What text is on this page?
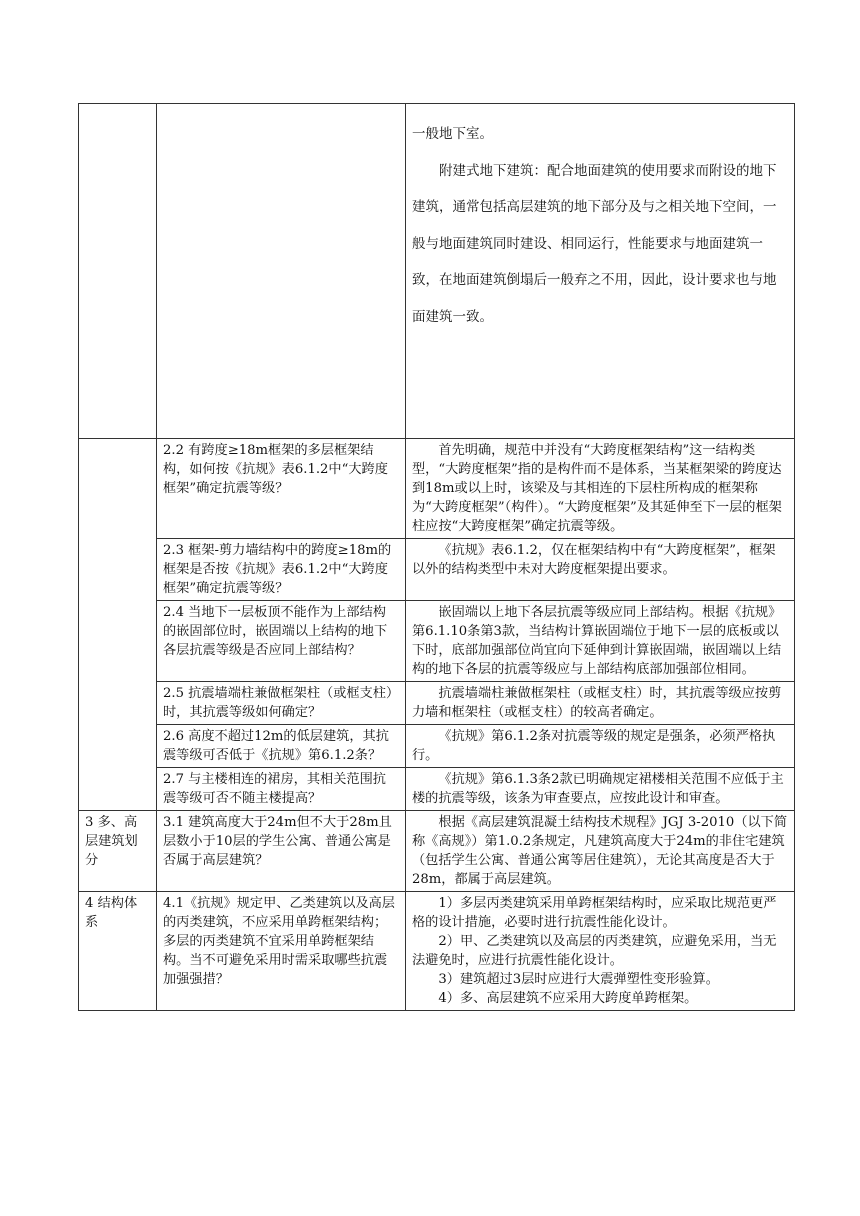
		一般地下室。

附建式地下建筑：配合地面建筑的使用要求而附设的地下建筑，通常包括高层建筑的地下部分及与之相关地下空间，一般与地面建筑同时建设、相同运行，性能要求与地面建筑一致，在地面建筑倒塌后一般弃之不用，因此，设计要求也与地面建筑一致。

	2.2 有跨度≥18m框架的多层框架结构，如何按《抗规》表6.1.2中“大跨度框架”确定抗震等级？	首先明确，规范中并没有“大跨度框架结构”这一结构类型，“大跨度框架”指的是构件而不是体系，当某框架梁的跨度达到18m或以上时，该梁及与其相连的下层柱所构成的框架称为“大跨度框架”（构件）。“大跨度框架”及其延伸至下一层的框架柱应按“大跨度框架”确定抗震等级。

	2.3 框架-剪力墙结构中的跨度≥18m的框架是否按《抗规》表6.1.2中“大跨度框架”确定抗震等级？	《抗规》表6.1.2，仅在框架结构中有“大跨度框架”，框架以外的结构类型中未对大跨度框架提出要求。

	2.4 当地下一层板顶不能作为上部结构的嵌固部位时，嵌固端以上结构的地下各层抗震等级是否应同上部结构？	嵌固端以上地下各层抗震等级应同上部结构。根据《抗规》第6.1.10条第3款，当结构计算嵌固端位于地下一层的底板或以下时，底部加强部位尚宜向下延伸到计算嵌固端，嵌固端以上结构的地下各层的抗震等级应与上部结构底部加强部位相同。

	2.5 抗震墙端柱兼做框架柱（或框支柱）时，其抗震等级如何确定？	抗震墙端柱兼做框架柱（或框支柱）时，其抗震等级应按剪力墙和框架柱（或框支柱）的较高者确定。

	2.6 高度不超过12m的低层建筑，其抗震等级可否低于《抗规》第6.1.2条？	《抗规》第6.1.2条对抗震等级的规定是强条，必须严格执行。

	2.7 与主楼相连的裙房，其相关范围抗震等级可否不随主楼提高？	《抗规》第6.1.3条2款已明确规定裙楼相关范围不应低于主楼的抗震等级，该条为审查要点，应按此设计和审查。

3 多、高层建筑划分	3.1 建筑高度大于24m但不大于28m且层数小于10层的学生公寓、普通公寓是否属于高层建筑？	根据《高层建筑混凝土结构技术规程》JGJ 3-2010（以下简称《高规》）第1.0.2条规定，凡建筑高度大于24m的非住宅建筑（包括学生公寓、普通公寓等居住建筑），无论其高度是否大于28m，都属于高层建筑。

4 结构体系	4.1《抗规》规定甲、乙类建筑以及高层的丙类建筑，不应采用单跨框架结构；多层的丙类建筑不宜采用单跨框架结构。当不可避免采用时需采取哪些抗震加强强措？	1）多层丙类建筑采用单跨框架结构时，应采取比规范更严格的设计措施，必要时进行抗震性能化设计。

2）甲、乙类建筑以及高层的丙类建筑，应避免采用，当无法避免时，应进行抗震性能化设计。

3）建筑超过3层时应进行大震弹塑性变形验算。

4）多、高层建筑不应采用大跨度单跨框架。
